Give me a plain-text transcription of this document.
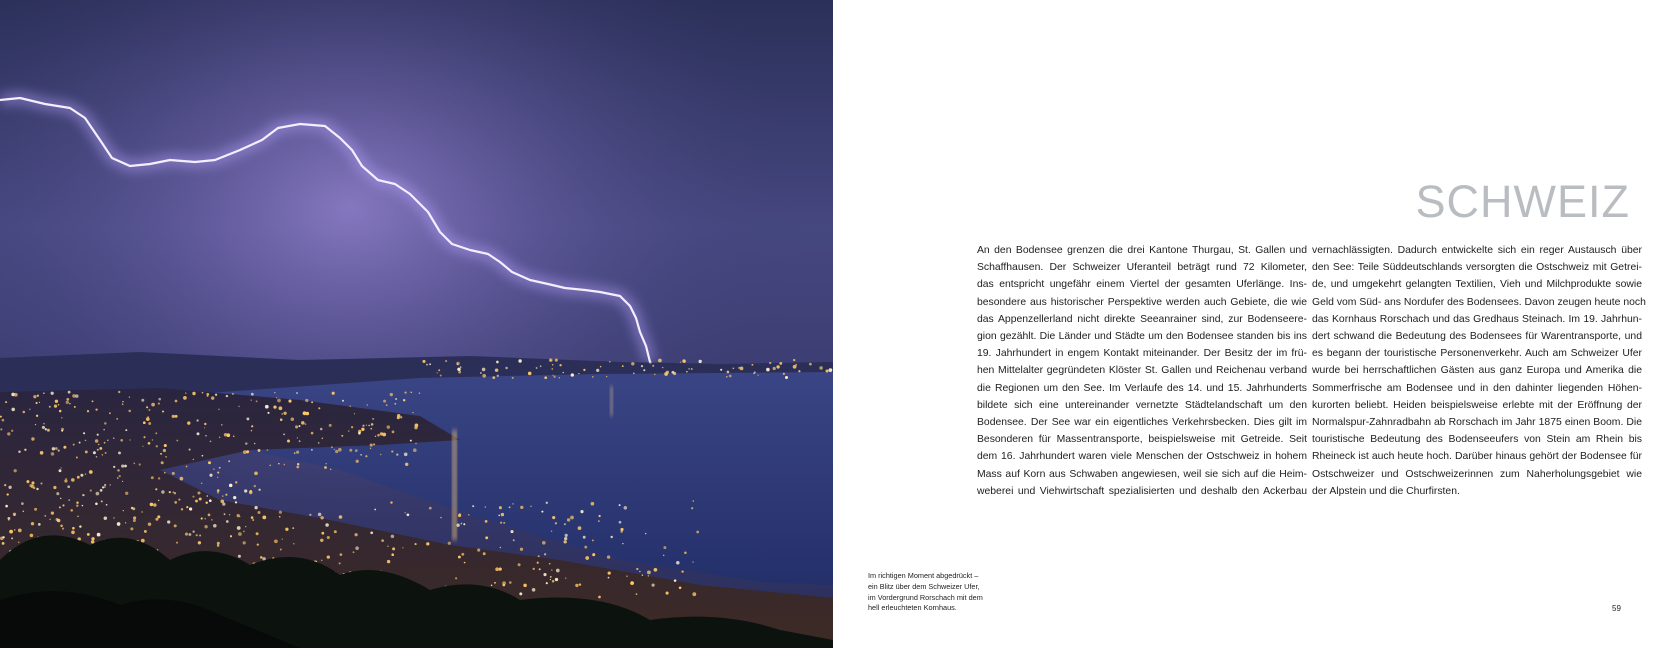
SCHWEIZ

An den Bodensee grenzen die drei Kantone Thurgau, St. Gallen und
Schaffhausen. Der Schweizer Uferanteil beträgt rund 72 Kilometer,
das entspricht ungefähr einem Viertel der gesamten Uferlänge. Ins-
besondere aus historischer Perspektive werden auch Gebiete, die wie
das Appenzellerland nicht direkte Seeanrainer sind, zur Bodenseere-
gion gezählt. Die Länder und Städte um den Bodensee standen bis ins
19. Jahrhundert in engem Kontakt miteinander. Der Besitz der im frü-
hen Mittelalter gegründeten Klöster St. Gallen und Reichenau verband
die Regionen um den See. Im Verlaufe des 14. und 15. Jahrhunderts
bildete sich eine untereinander vernetzte Städtelandschaft um den
Bodensee. Der See war ein eigentliches Verkehrsbecken. Dies gilt im
Besonderen für Massentransporte, beispielsweise mit Getreide. Seit
dem 16. Jahrhundert waren viele Menschen der Ostschweiz in hohem
Mass auf Korn aus Schwaben angewiesen, weil sie sich auf die Heim-
weberei und Viehwirtschaft spezialisierten und deshalb den Ackerbau

vernachlässigten. Dadurch entwickelte sich ein reger Austausch über
den See: Teile Süddeutschlands versorgten die Ostschweiz mit Getrei-
de, und umgekehrt gelangten Textilien, Vieh und Milchprodukte sowie
Geld vom Süd- ans Nordufer des Bodensees. Davon zeugen heute noch
das Kornhaus Rorschach und das Gredhaus Steinach. Im 19. Jahrhun-
dert schwand die Bedeutung des Bodensees für Warentransporte, und
es begann der touristische Personenverkehr. Auch am Schweizer Ufer
wurde bei herrschaftlichen Gästen aus ganz Europa und Amerika die
Sommerfrische am Bodensee und in den dahinter liegenden Höhen-
kurorten beliebt. Heiden beispielsweise erlebte mit der Eröffnung der
Normalspur-Zahnradbahn ab Rorschach im Jahr 1875 einen Boom. Die
touristische Bedeutung des Bodenseeufers von Stein am Rhein bis
Rheineck ist auch heute hoch. Darüber hinaus gehört der Bodensee für
Ostschweizer und Ostschweizerinnen zum Naherholungsgebiet wie
der Alpstein und die Churfirsten.

Im richtigen Moment abgedrückt –
ein Blitz über dem Schweizer Ufer,
im Vordergrund Rorschach mit dem
hell erleuchteten Kornhaus.	59
